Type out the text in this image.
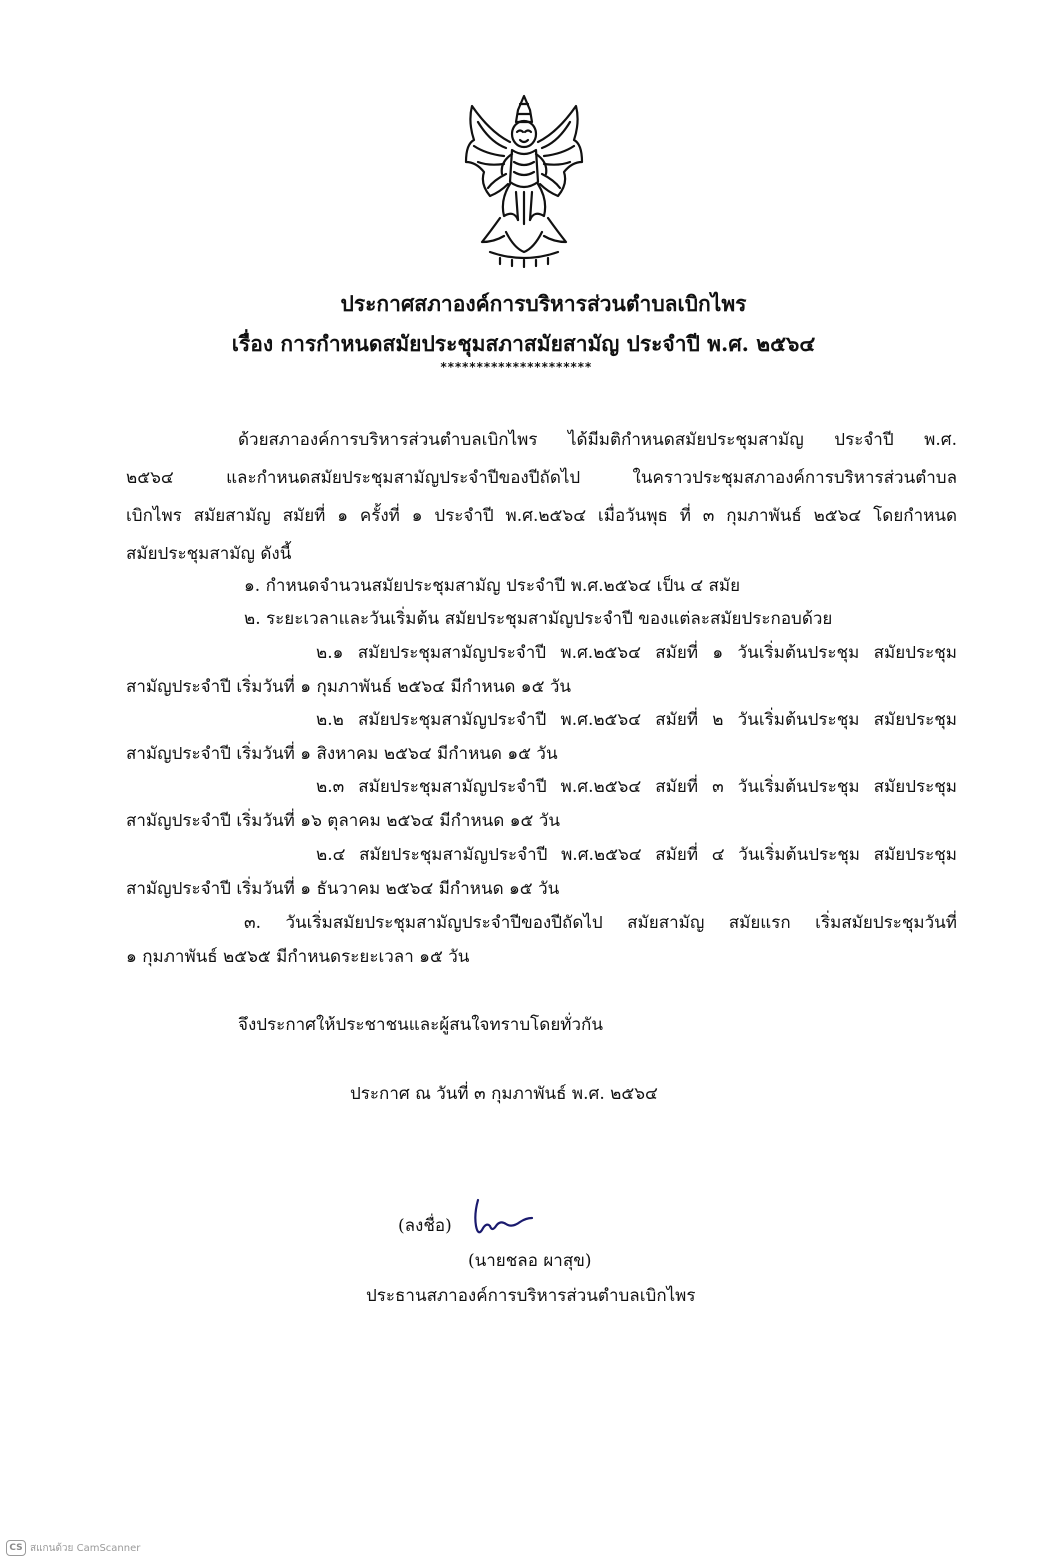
ประกาศสภาองค์การบริหารส่วนตำบลเบิกไพร
เรื่อง การกำหนดสมัยประชุมสภาสมัยสามัญ ประจำปี พ.ศ. ๒๕๖๔
*********************
ด้วยสภาองค์การบริหารส่วนตำบลเบิกไพร ได้มีมติกำหนดสมัยประชุมสามัญ ประจำปี พ.ศ.
๒๕๖๔ และกำหนดสมัยประชุมสามัญประจำปีของปีถัดไป ในคราวประชุมสภาองค์การบริหารส่วนตำบล
เบิกไพร สมัยสามัญ สมัยที่ ๑ ครั้งที่ ๑ ประจำปี พ.ศ.๒๕๖๔ เมื่อวันพุธ ที่ ๓ กุมภาพันธ์ ๒๕๖๔ โดยกำหนด
สมัยประชุมสามัญ ดังนี้
๑. กำหนดจำนวนสมัยประชุมสามัญ ประจำปี พ.ศ.๒๕๖๔ เป็น ๔ สมัย
๒. ระยะเวลาและวันเริ่มต้น สมัยประชุมสามัญประจำปี ของแต่ละสมัยประกอบด้วย
๒.๑ สมัยประชุมสามัญประจำปี พ.ศ.๒๕๖๔ สมัยที่ ๑ วันเริ่มต้นประชุม สมัยประชุม
สามัญประจำปี เริ่มวันที่ ๑ กุมภาพันธ์ ๒๕๖๔ มีกำหนด ๑๕ วัน
๒.๒ สมัยประชุมสามัญประจำปี พ.ศ.๒๕๖๔ สมัยที่ ๒ วันเริ่มต้นประชุม สมัยประชุม
สามัญประจำปี เริ่มวันที่ ๑ สิงหาคม ๒๕๖๔ มีกำหนด ๑๕ วัน
๒.๓ สมัยประชุมสามัญประจำปี พ.ศ.๒๕๖๔ สมัยที่ ๓ วันเริ่มต้นประชุม สมัยประชุม
สามัญประจำปี เริ่มวันที่ ๑๖ ตุลาคม ๒๕๖๔ มีกำหนด ๑๕ วัน
๒.๔ สมัยประชุมสามัญประจำปี พ.ศ.๒๕๖๔ สมัยที่ ๔ วันเริ่มต้นประชุม สมัยประชุม
สามัญประจำปี เริ่มวันที่ ๑ ธันวาคม ๒๕๖๔ มีกำหนด ๑๕ วัน
๓. วันเริ่มสมัยประชุมสามัญประจำปีของปีถัดไป สมัยสามัญ สมัยแรก เริ่มสมัยประชุมวันที่
๑ กุมภาพันธ์ ๒๕๖๕ มีกำหนดระยะเวลา ๑๕ วัน
จึงประกาศให้ประชาชนและผู้สนใจทราบโดยทั่วกัน
ประกาศ ณ วันที่ ๓ กุมภาพันธ์ พ.ศ. ๒๕๖๔
(ลงชื่อ)
(นายชลอ ผาสุข)
ประธานสภาองค์การบริหารส่วนตำบลเบิกไพร
CS สแกนด้วย CamScanner
